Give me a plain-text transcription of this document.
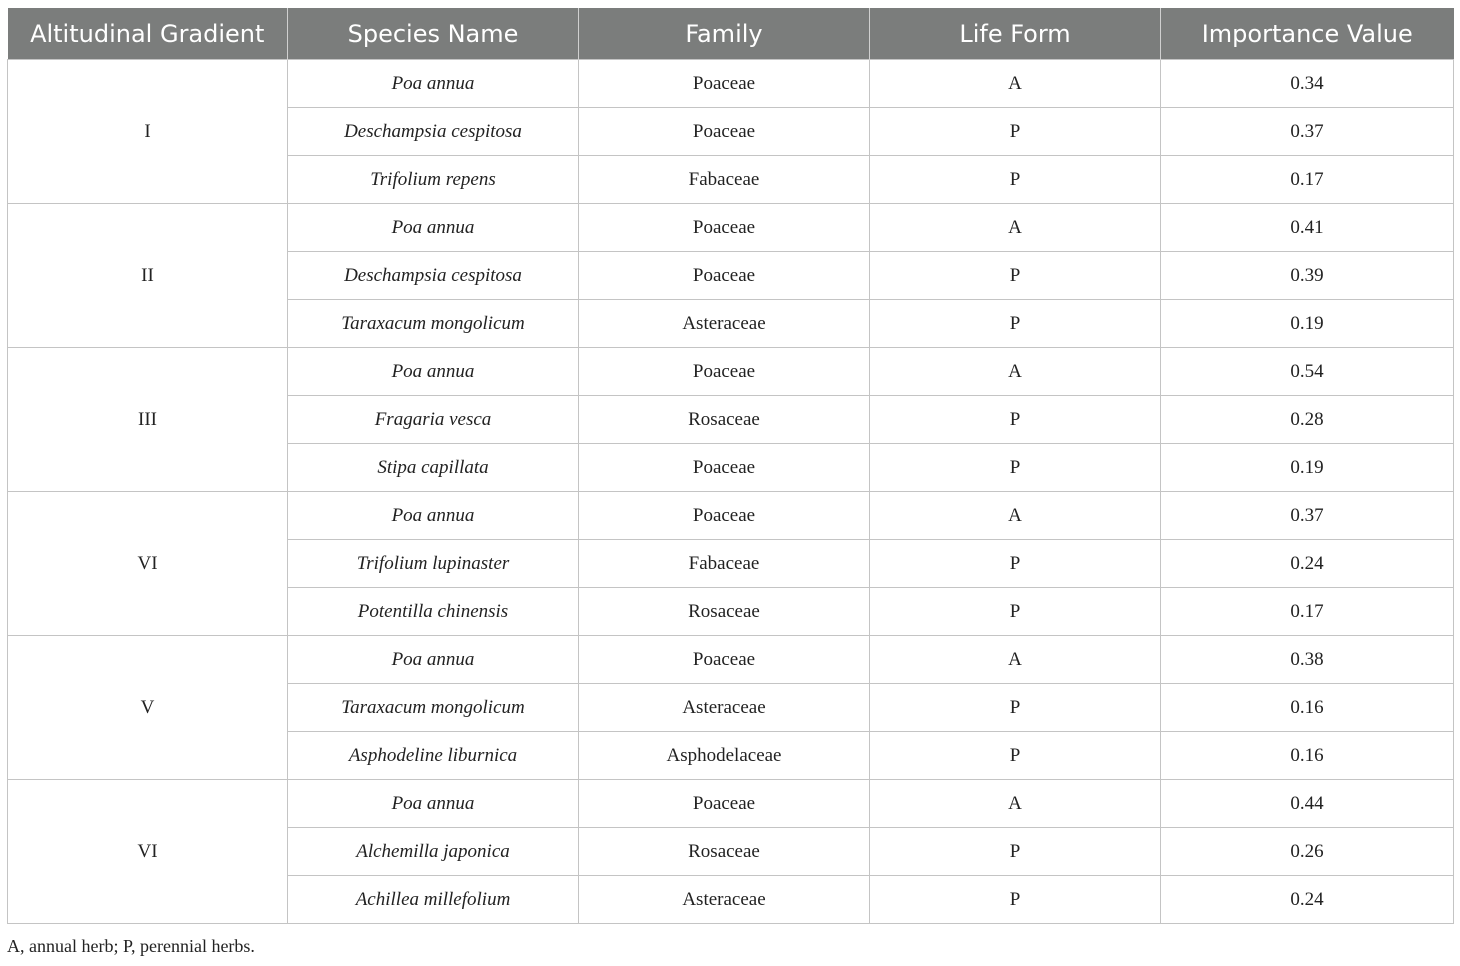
Altitudinal Gradient	Species Name	Family	Life Form	Importance Value
I	Poa annua	Poaceae	A	0.34
	Deschampsia cespitosa	Poaceae	P	0.37
	Trifolium repens	Fabaceae	P	0.17
II	Poa annua	Poaceae	A	0.41
	Deschampsia cespitosa	Poaceae	P	0.39
	Taraxacum mongolicum	Asteraceae	P	0.19
III	Poa annua	Poaceae	A	0.54
	Fragaria vesca	Rosaceae	P	0.28
	Stipa capillata	Poaceae	P	0.19
VI	Poa annua	Poaceae	A	0.37
	Trifolium lupinaster	Fabaceae	P	0.24
	Potentilla chinensis	Rosaceae	P	0.17
V	Poa annua	Poaceae	A	0.38
	Taraxacum mongolicum	Asteraceae	P	0.16
	Asphodeline liburnica	Asphodelaceae	P	0.16
VI	Poa annua	Poaceae	A	0.44
	Alchemilla japonica	Rosaceae	P	0.26
	Achillea millefolium	Asteraceae	P	0.24
A, annual herb; P, perennial herbs.
